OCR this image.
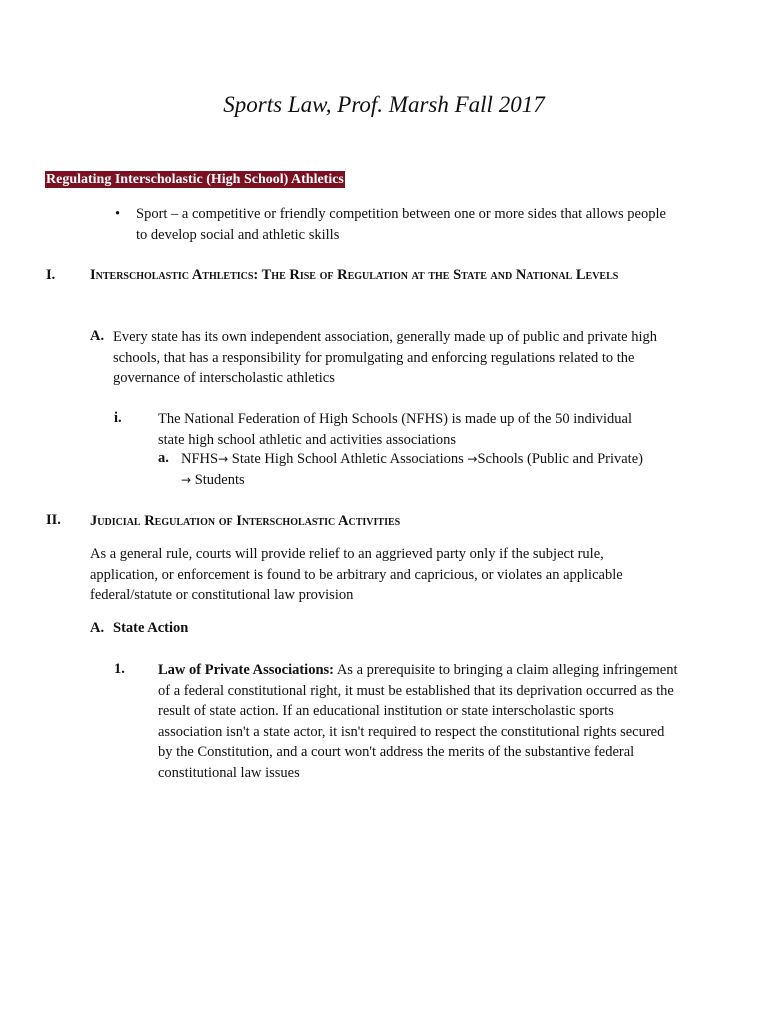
Sports Law, Prof. Marsh Fall 2017
Regulating Interscholastic (High School) Athletics
• Sport – a competitive or friendly competition between one or more sides that allows people to develop social and athletic skills
I. Interscholastic Athletics: The Rise of Regulation at the State and National Levels
A. Every state has its own independent association, generally made up of public and private high schools, that has a responsibility for promulgating and enforcing regulations related to the governance of interscholastic athletics
i.	The National Federation of High Schools (NFHS) is made up of the 50 individual state high school athletic and activities associations
a. NFHS→ State High School Athletic Associations →Schools (Public and Private)
→ Students
II. Judicial Regulation of Interscholastic Activities
As a general rule, courts will provide relief to an aggrieved party only if the subject rule, application, or enforcement is found to be arbitrary and capricious, or violates an applicable federal/statute or constitutional law provision
A. State Action
1. Law of Private Associations: As a prerequisite to bringing a claim alleging infringement of a federal constitutional right, it must be established that its deprivation occurred as the result of state action. If an educational institution or state interscholastic sports association isn't a state actor, it isn't required to respect the constitutional rights secured by the Constitution, and a court won't address the merits of the substantive federal constitutional law issues
